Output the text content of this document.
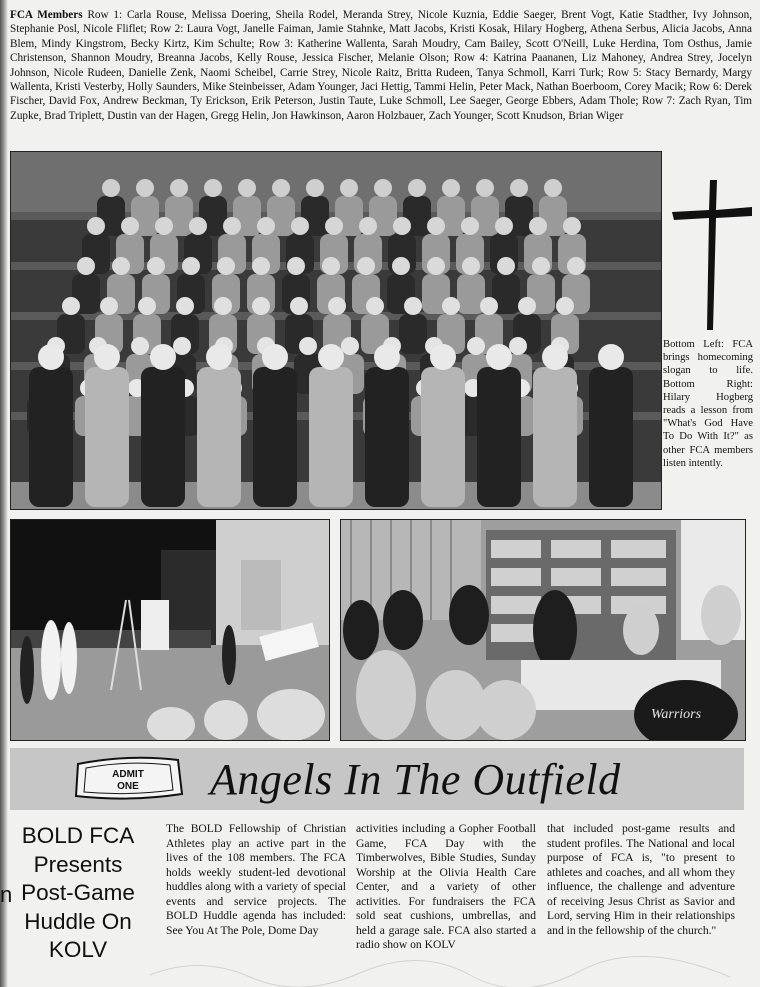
FCA Members Row 1: Carla Rouse, Melissa Doering, Sheila Rodel, Meranda Strey, Nicole Kuznia, Eddie Saeger, Brent Vogt, Katie Stadther, Ivy Johnson, Stephanie Posl, Nicole Fliflet; Row 2: Laura Vogt, Janelle Faiman, Jamie Stahnke, Matt Jacobs, Kristi Kosak, Hilary Hogberg, Athena Serbus, Alicia Jacobs, Anna Blem, Mindy Kingstrom, Becky Kirtz, Kim Schulte; Row 3: Katherine Wallenta, Sarah Moudry, Cam Bailey, Scott O'Neill, Luke Herdina, Tom Osthus, Jamie Christenson, Shannon Moudry, Breanna Jacobs, Kelly Rouse, Jessica Fischer, Melanie Olson; Row 4: Katrina Paananen, Liz Mahoney, Andrea Strey, Jocelyn Johnson, Nicole Rudeen, Danielle Zenk, Naomi Scheibel, Carrie Strey, Nicole Raitz, Britta Rudeen, Tanya Schmoll, Karri Turk; Row 5: Stacy Bernardy, Margy Wallenta, Kristi Vesterby, Holly Saunders, Mike Steinbeisser, Adam Younger, Jaci Hettig, Tammi Helin, Peter Mack, Nathan Boerboom, Corey Macik; Row 6: Derek Fischer, David Fox, Andrew Beckman, Ty Erickson, Erik Peterson, Justin Taute, Luke Schmoll, Lee Saeger, George Ebbers, Adam Thole; Row 7: Zach Ryan, Tim Zupke, Brad Triplett, Dustin van der Hagen, Gregg Helin, Jon Hawkinson, Aaron Holzbauer, Zach Younger, Scott Knudson, Brian Wiger

Bottom Left: FCA brings homecoming slogan to life. Bottom Right: Hilary Hogberg reads a lesson from "What's God Have To Do With It?" as other FCA members listen intently.

Warriors
ADMIT
ONE Angels In The Outfield
n
BOLD FCA
Presents
Post-Game
Huddle On
KOLV

The BOLD Fellowship of Christian Athletes play an active part in the lives of the 108 members. The FCA holds weekly student-led devotional huddles along with a variety of special events and service projects. The BOLD Huddle agenda has included: See You At The Pole, Dome Day

activities including a Gopher Football Game, FCA Day with the Timberwolves, Bible Studies, Sunday Worship at the Olivia Health Care Center, and a variety of other activities. For fundraisers the FCA sold seat cushions, umbrellas, and held a garage sale. FCA also started a radio show on KOLV

that included post-game results and student profiles. The National and local purpose of FCA is, "to present to athletes and coaches, and all whom they influence, the challenge and adventure of receiving Jesus Christ as Savior and Lord, serving Him in their relationships and in the fellowship of the church."
